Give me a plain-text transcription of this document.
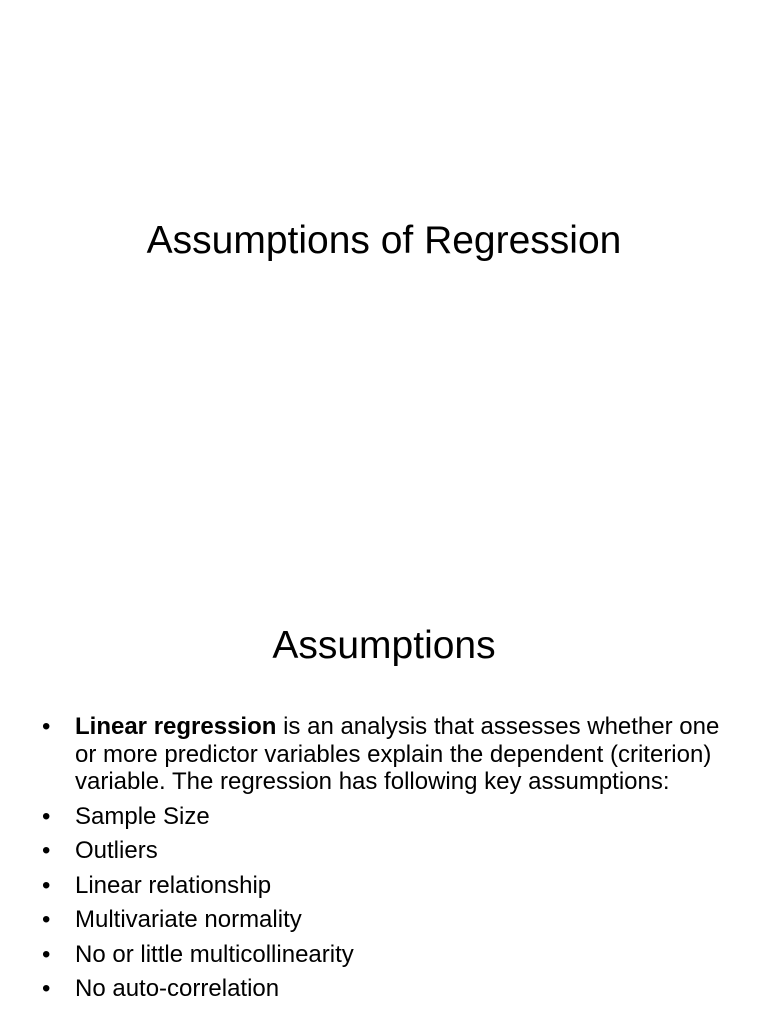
Assumptions of Regression
Assumptions
• Linear regression is an analysis that assesses whether one or more predictor variables explain the dependent (criterion) variable. The regression has following key assumptions:
• Sample Size
• Outliers
• Linear relationship
• Multivariate normality
• No or little multicollinearity
• No auto-correlation
